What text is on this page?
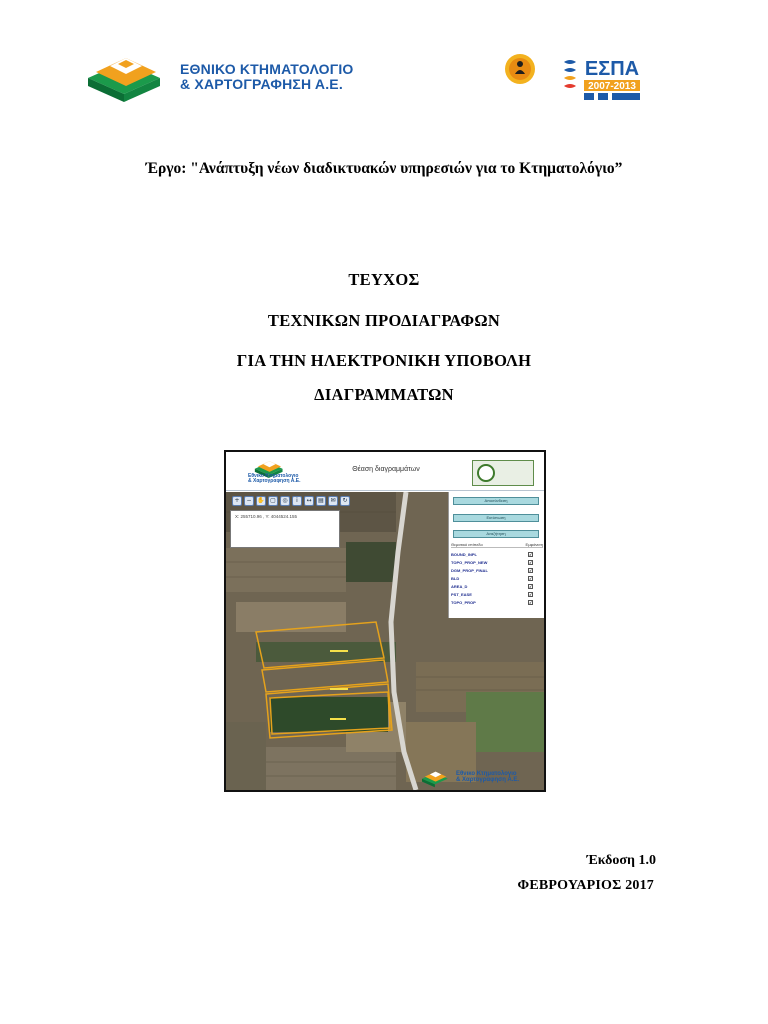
ΕΘΝΙΚΟ ΚΤΗΜΑΤΟΛΟΓΙΟ
& ΧΑΡΤΟΓΡΑΦΗΣΗ Α.Ε.
ΕΣΠΑ
2007-2013
Έργο: "Ανάπτυξη νέων διαδικτυακών υπηρεσιών για το Κτηματολόγιο”
ΤΕΥΧΟΣ
ΤΕΧΝΙΚΩΝ ΠΡΟΔΙΑΓΡΑΦΩΝ
ΓΙΑ ΤΗΝ ΗΛΕΚΤΡΟΝΙΚΗ ΥΠΟΒΟΛΗ
ΔΙΑΓΡΑΜΜΑΤΩΝ
Εθνικο Κτηματολογιο
& Χαρτογραφηση Α.Ε.
Θέαση διαγραμμάτων
+	− ✋ ▢	◎	i	↔	▤	✉	↻
X: 255710.96 , Y: 4044524.155
Αποσύνδεση
Εκτύπωση
Αναζήτηση
Θεματικό επίπεδο	Εμφάνιση
BOUND_INPL	✓
TOPO_PROP_NEW	✓
DGM_PROP_FINAL	✓
BLD	✓
AREA_D	✓
PST_EASE	✓
TOPO_PROP	✓
Εθνικο Κτηματολογιο
& Χαρτογραφηση Α.Ε.
Έκδοση 1.0
ΦΕΒΡΟΥΑΡΙΟΣ 2017
